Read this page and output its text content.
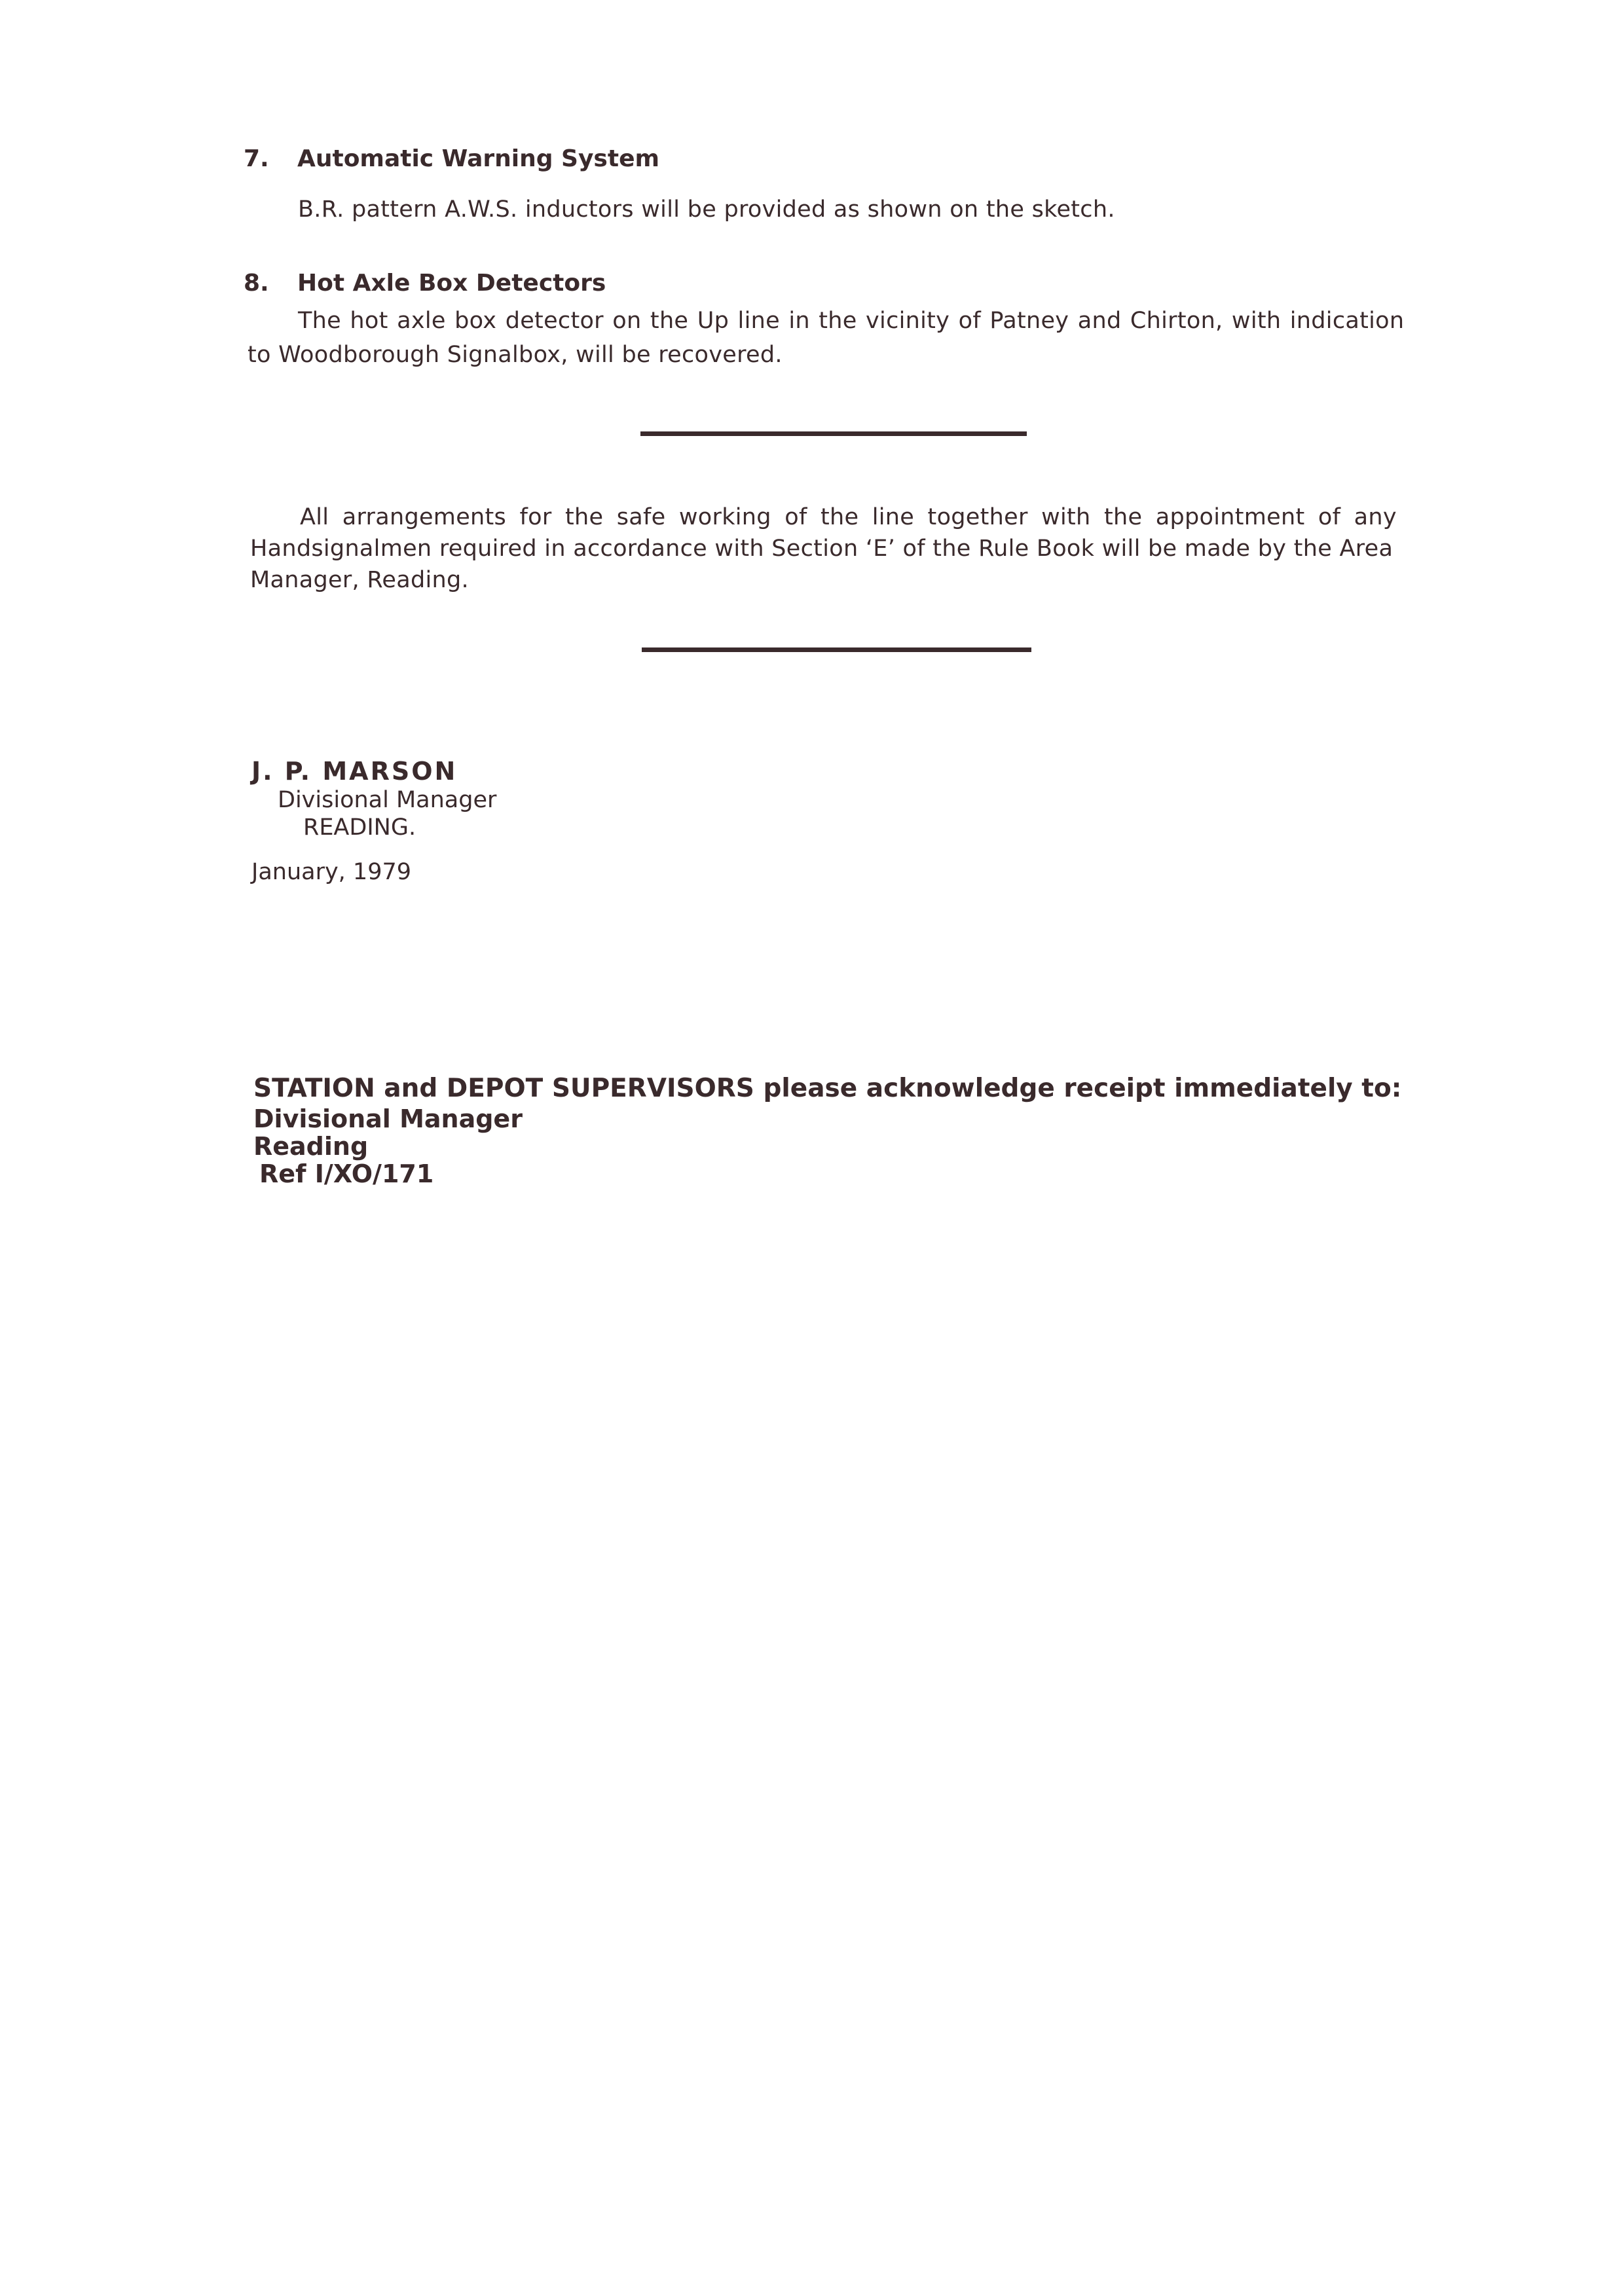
7. Automatic Warning System
B.R. pattern A.W.S. inductors will be provided as shown on the sketch.
8. Hot Axle Box Detectors
The hot axle box detector on the Up line in the vicinity of Patney and Chirton, with indication
to Woodborough Signalbox, will be recovered.
All arrangements for the safe working of the line together with the appointment of any
Handsignalmen required in accordance with Section ‘E’ of the Rule Book will be made by the Area
Manager, Reading.
J. P. MARSON
Divisional Manager
READING.
January, 1979
STATION and DEPOT SUPERVISORS please acknowledge receipt immediately to:
Divisional Manager
Reading
Ref I/XO/171
